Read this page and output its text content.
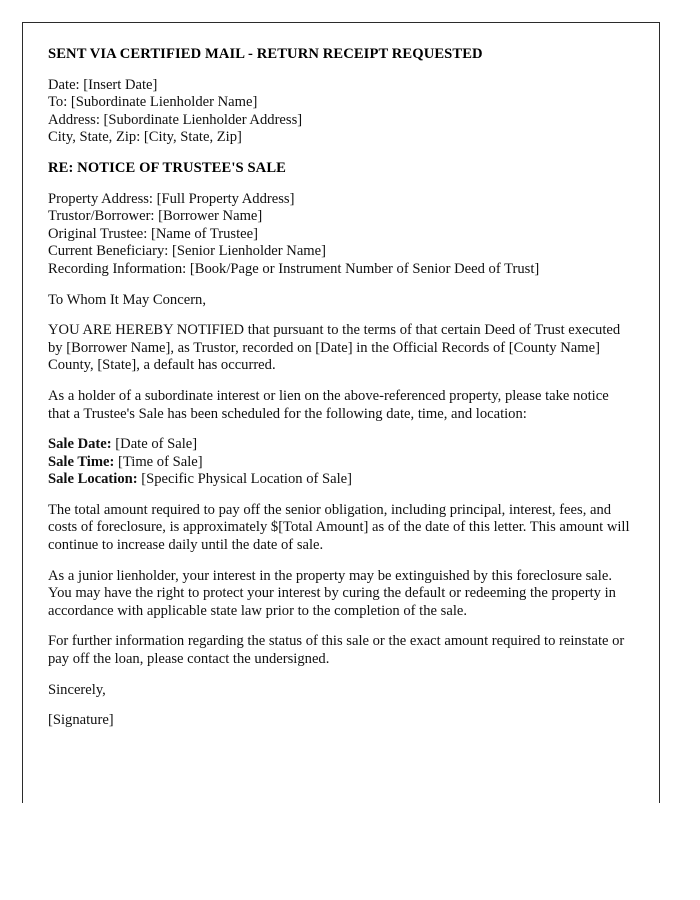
SENT VIA CERTIFIED MAIL - RETURN RECEIPT REQUESTED
Date: [Insert Date]
To: [Subordinate Lienholder Name]
Address: [Subordinate Lienholder Address]
City, State, Zip: [City, State, Zip]
RE: NOTICE OF TRUSTEE'S SALE
Property Address: [Full Property Address]
Trustor/Borrower: [Borrower Name]
Original Trustee: [Name of Trustee]
Current Beneficiary: [Senior Lienholder Name]
Recording Information: [Book/Page or Instrument Number of Senior Deed of Trust]
To Whom It May Concern,
YOU ARE HEREBY NOTIFIED that pursuant to the terms of that certain Deed of Trust executed by [Borrower Name], as Trustor, recorded on [Date] in the Official Records of [County Name] County, [State], a default has occurred.
As a holder of a subordinate interest or lien on the above-referenced property, please take notice that a Trustee's Sale has been scheduled for the following date, time, and location:
Sale Date: [Date of Sale]
Sale Time: [Time of Sale]
Sale Location: [Specific Physical Location of Sale]
The total amount required to pay off the senior obligation, including principal, interest, fees, and costs of foreclosure, is approximately $[Total Amount] as of the date of this letter. This amount will continue to increase daily until the date of sale.
As a junior lienholder, your interest in the property may be extinguished by this foreclosure sale. You may have the right to protect your interest by curing the default or redeeming the property in accordance with applicable state law prior to the completion of the sale.
For further information regarding the status of this sale or the exact amount required to reinstate or pay off the loan, please contact the undersigned.
Sincerely,
[Signature]
